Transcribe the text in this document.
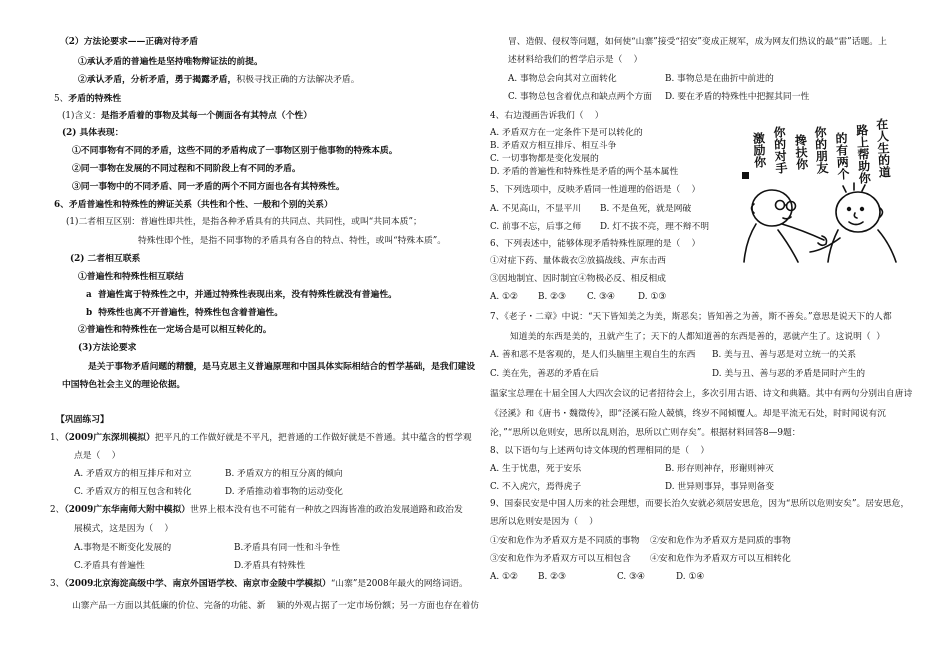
（2）方法论要求——正确对待矛盾
①承认矛盾的普遍性是坚持唯物辩证法的前提。
②承认矛盾，分析矛盾，勇于揭露矛盾，积极寻找正确的方法解决矛盾。
5、矛盾的特殊性
(1)含义：是指矛盾着的事物及其每一个侧面各有其特点（个性）
(2) 具体表现：
①不同事物有不同的矛盾，这些不同的矛盾构成了一事物区别于他事物的特殊本质。
②同一事物在发展的不同过程和不同阶段上有不同的矛盾。
③同一事物中的不同矛盾、同一矛盾的两个不同方面也各有其特殊性。
6、矛盾普遍性和特殊性的辨证关系（共性和个性、一般和个别的关系）
(1)二者相互区别：普遍性即共性，是指各种矛盾具有的共同点、共同性，或叫“共同本质”；
特殊性即个性，是指不同事物的矛盾具有各自的特点、特性，或叫“特殊本质”。
(2) 二者相互联系
①普遍性和特殊性相互联结
a  普遍性寓于特殊性之中，并通过特殊性表现出来，没有特殊性就没有普遍性。
b  特殊性也离不开普遍性，特殊性包含着普遍性。
②普遍性和特殊性在一定场合是可以相互转化的。
(3)方法论要求
是关于事物矛盾问题的精髓，是马克思主义普遍原理和中国具体实际相结合的哲学基础，是我们建设
中国特色社会主义的理论依据。
【巩固练习】
1、（2009广东深圳模拟）把平凡的工作做好就是不平凡，把普通的工作做好就是不普通。其中蕴含的哲学观
点是（    ）
A. 矛盾双方的相互排斥和对立	B. 矛盾双方的相互分离的倾向
C. 矛盾双方的相互包含和转化	D. 矛盾推动着事物的运动变化
2、（2009广东华南师大附中模拟）世界上根本没有也不可能有一种放之四海皆准的政治发展道路和政治发
展模式，这是因为（    ）
A.事物是不断变化发展的	B.矛盾具有同一性和斗争性
C.矛盾具有普遍性	D.矛盾具有特殊性
3、（2009北京海淀高级中学、南京外国语学校、南京市金陵中学模拟）“山寨”是2008年最火的网络词语。
山寨产品一方面以其低廉的价位、完备的功能、新    颖的外观占据了一定市场份额；另一方面也存在着仿
冒、造假、侵权等问题，如何使“山寨”接受“招安”变成正规军，成为网友们热议的最“雷”话题。上
述材料给我们的哲学启示是（    ）
A. 事物总会向其对立面转化	B. 事物总是在曲折中前进的
C. 事物总包含着优点和缺点两个方面 D. 要在矛盾的特殊性中把握其同一性
4、右边漫画告诉我们（    ）
A. 矛盾双方在一定条件下是可以转化的
B. 矛盾双方相互排斥、相互斗争
C. 一切事物都是变化发展的
D. 矛盾的普遍性和特殊性是矛盾的两个基本属性	在人生的道
路上帮助你
的有两个
你的朋友
搀扶你
你的对手
激励你
5、下列选项中，反映矛盾同一性道理的俗语是（    ）
A. 不见高山，不显平川 B. 不是鱼死，就是网破
C. 前事不忘，后事之师 D. 灯不拔不亮，理不辩不明
6、下列表述中，能够体现矛盾特殊性原理的是（    ）
①对症下药、量体裁衣②放搞战线、声东击西
③因地制宜、因时制宜④物极必反、相反相成
A. ①② B. ②③ C. ③④	D. ①③
7、《老子・二章》中说：“天下皆知美之为美，斯恶矣；皆知善之为善，斯不善矣。”意思是说天下的人都
知道美的东西是美的，丑就产生了；天下的人都知道善的东西是善的，恶就产生了。这说明（  ）
A. 善和恶不是客观的，是人们头脑里主观自生的东西 B. 美与丑、善与恶是对立统一的关系
C. 美在先，善恶的矛盾在后	D. 美与丑、善与恶的矛盾是同时产生的
温家宝总理在十届全国人大四次会议的记者招待会上，多次引用古语、诗文和典籍。其中有两句分别出自唐诗
《泾溪》和《唐书・魏徵传》，即“泾溪石险人兢慎，终岁不闻倾覆人。却是平流无石处，时时闻说有沉
沦，”“思所以危则安，思所以乱则治，思所以亡则存矣”。根据材料回答8—9题：
8、以下语句与上述两句诗文体现的哲理相同的是（    ）
A. 生于忧患，死于安乐	B. 形存则神存，形谢则神灭
C. 不入虎穴，焉得虎子	D. 世异则事异，事异则备变
9、国泰民安是中国人历来的社会理想，而要长治久安就必须居安思危，因为“思所以危则安矣”。居安思危，
思所以危则安是因为（    ）
①安和危作为矛盾双方是不同质的事物 ②安和危作为矛盾双方是同质的事物
③安和危作为矛盾双方可以互相包含 ④安和危作为矛盾双方可以互相转化
A. ①② B. ②③	C. ③④	D. ①④
